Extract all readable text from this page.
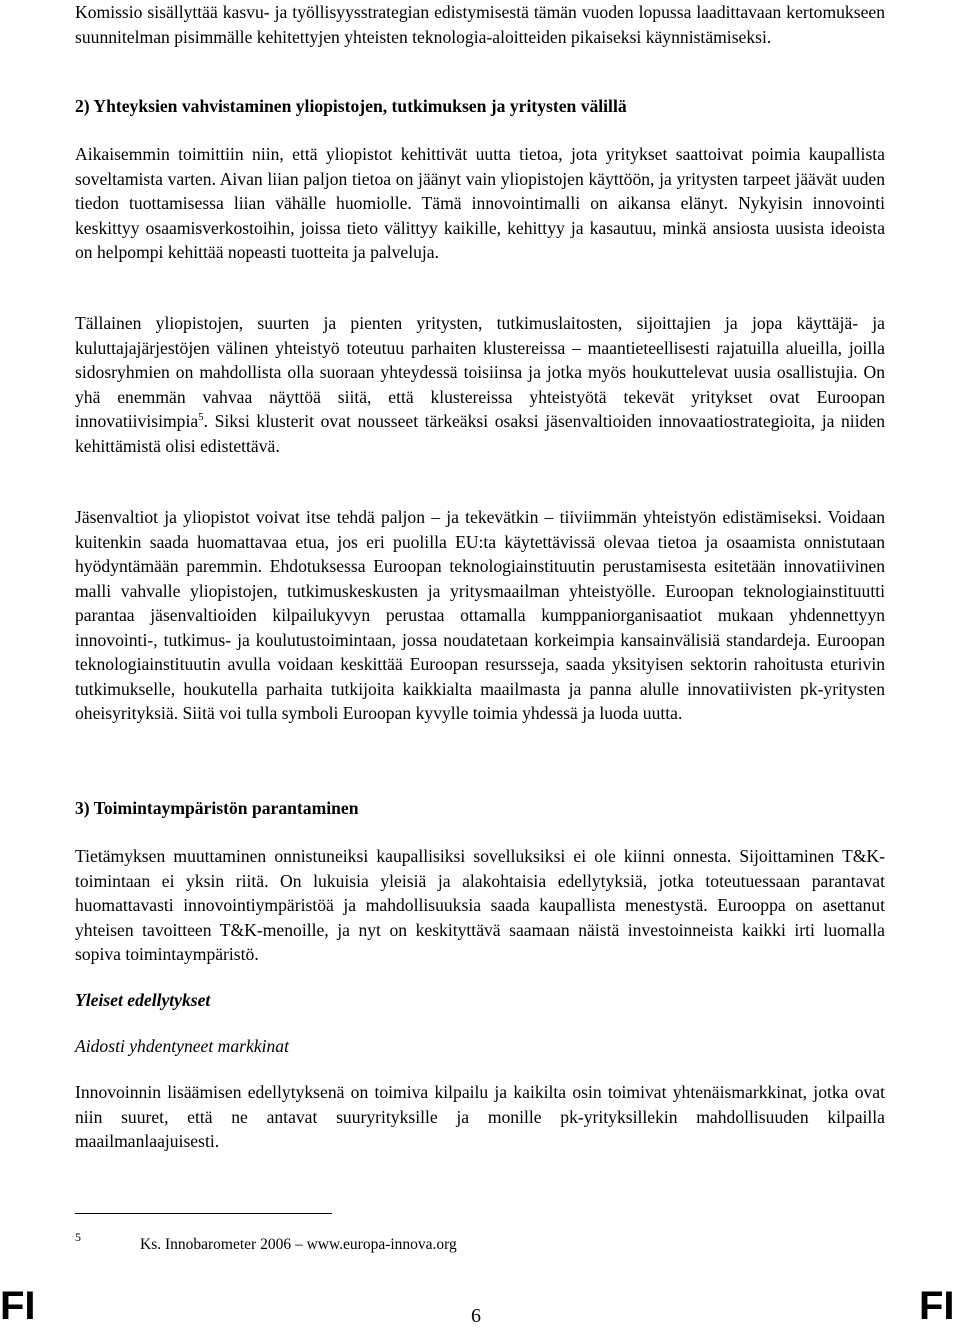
Komissio sisällyttää kasvu- ja työllisyysstrategian edistymisestä tämän vuoden lopussa laadittavaan kertomukseen suunnitelman pisimmälle kehitettyjen yhteisten teknologia-aloitteiden pikaiseksi käynnistämiseksi.

2) Yhteyksien vahvistaminen yliopistojen, tutkimuksen ja yritysten välillä

Aikaisemmin toimittiin niin, että yliopistot kehittivät uutta tietoa, jota yritykset saattoivat poimia kaupallista soveltamista varten. Aivan liian paljon tietoa on jäänyt vain yliopistojen käyttöön, ja yritysten tarpeet jäävät uuden tiedon tuottamisessa liian vähälle huomiolle. Tämä innovointimalli on aikansa elänyt. Nykyisin innovointi keskittyy osaamisverkostoihin, joissa tieto välittyy kaikille, kehittyy ja kasautuu, minkä ansiosta uusista ideoista on helpompi kehittää nopeasti tuotteita ja palveluja.

Tällainen yliopistojen, suurten ja pienten yritysten, tutkimuslaitosten, sijoittajien ja jopa käyttäjä- ja kuluttajajärjestöjen välinen yhteistyö toteutuu parhaiten klustereissa – maantieteellisesti rajatuilla alueilla, joilla sidosryhmien on mahdollista olla suoraan yhteydessä toisiinsa ja jotka myös houkuttelevat uusia osallistujia. On yhä enemmän vahvaa näyttöä siitä, että klustereissa yhteistyötä tekevät yritykset ovat Euroopan innovatiivisimpia$^5$. Siksi klusterit ovat nousseet tärkeäksi osaksi jäsenvaltioiden innovaatiostrategioita, ja niiden kehittämistä olisi edistettävä.

Jäsenvaltiot ja yliopistot voivat itse tehdä paljon – ja tekevätkin – tiiviimmän yhteistyön edistämiseksi. Voidaan kuitenkin saada huomattavaa etua, jos eri puolilla EU:ta käytettävissä olevaa tietoa ja osaamista onnistutaan hyödyntämään paremmin. Ehdotuksessa Euroopan teknologiainstituutin perustamisesta esitetään innovatiivinen malli vahvalle yliopistojen, tutkimuskeskusten ja yritysmaailman yhteistyölle. Euroopan teknologiainstituutti parantaa jäsenvaltioiden kilpailukyvyn perustaa ottamalla kumppaniorganisaatiot mukaan yhdennettyyn innovointi-, tutkimus- ja koulutustoimintaan, jossa noudatetaan korkeimpia kansainvälisiä standardeja. Euroopan teknologiainstituutin avulla voidaan keskittää Euroopan resursseja, saada yksityisen sektorin rahoitusta eturivin tutkimukselle, houkutella parhaita tutkijoita kaikkialta maailmasta ja panna alulle innovatiivisten pk-yritysten oheisyrityksiä. Siitä voi tulla symboli Euroopan kyvylle toimia yhdessä ja luoda uutta.

3) Toimintaympäristön parantaminen

Tietämyksen muuttaminen onnistuneiksi kaupallisiksi sovelluksiksi ei ole kiinni onnesta. Sijoittaminen T&K-toimintaan ei yksin riitä. On lukuisia yleisiä ja alakohtaisia edellytyksiä, jotka toteutuessaan parantavat huomattavasti innovointiympäristöä ja mahdollisuuksia saada kaupallista menestystä. Eurooppa on asettanut yhteisen tavoitteen T&K-menoille, ja nyt on keskityttävä saamaan näistä investoinneista kaikki irti luomalla sopiva toimintaympäristö.

Yleiset edellytykset

Aidosti yhdentyneet markkinat

Innovoinnin lisäämisen edellytyksenä on toimiva kilpailu ja kaikilta osin toimivat yhtenäismarkkinat, jotka ovat niin suuret, että ne antavat suuryrityksille ja monille pk-yrityksillekin mahdollisuuden kilpailla maailmanlaajuisesti.

5	Ks. Innobarometer 2006 – www.europa-innova.org
FI	6	FI
